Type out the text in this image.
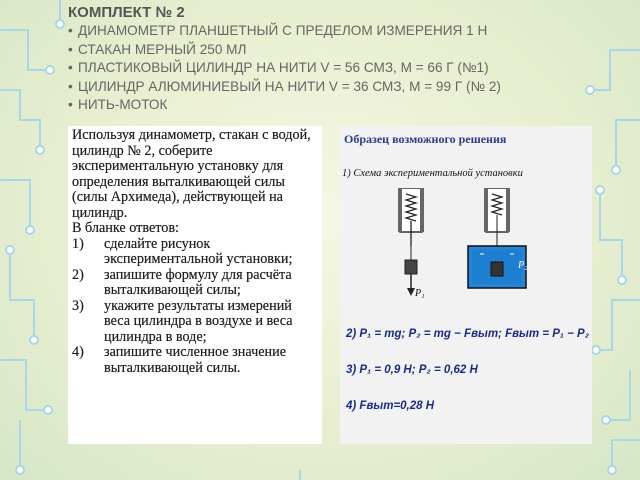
КОМПЛЕКТ № 2
• ДИНАМОМЕТР ПЛАНШЕТНЫЙ С ПРЕДЕЛОМ ИЗМЕРЕНИЯ 1 Н
• СТАКАН МЕРНЫЙ 250 МЛ
• ПЛАСТИКОВЫЙ ЦИЛИНДР НА НИТИ V = 56 СМЗ, M = 66 Г (№1)
• ЦИЛИНДР АЛЮМИНИЕВЫЙ НА НИТИ V = 36 СМЗ, M = 99 Г (№ 2)
• НИТЬ-МОТОК

Используя динамометр, стакан с водой, цилиндр № 2, соберите экспериментальную установку для определения выталкивающей силы (силы Архимеда), действующей на цилиндр.

В бланке ответов:

1)	сделайте рисунок экспериментальной установки;
2)	запишите формулу для расчёта выталкивающей силы;
3)	укажите результаты измерений веса цилиндра в воздухе и веса цилиндра в воде;
4)	запишите численное значение выталкивающей силы.
Образец возможного решения
1) Схема экспериментальной установки
P₁
P₂
2) P₁ = mg; P₂ = mg − Fвыт; Fвыт = P₁ − P₂
3) P₁ = 0,9 Н; P₂ = 0,62 Н
4) Fвыт=0,28 Н
